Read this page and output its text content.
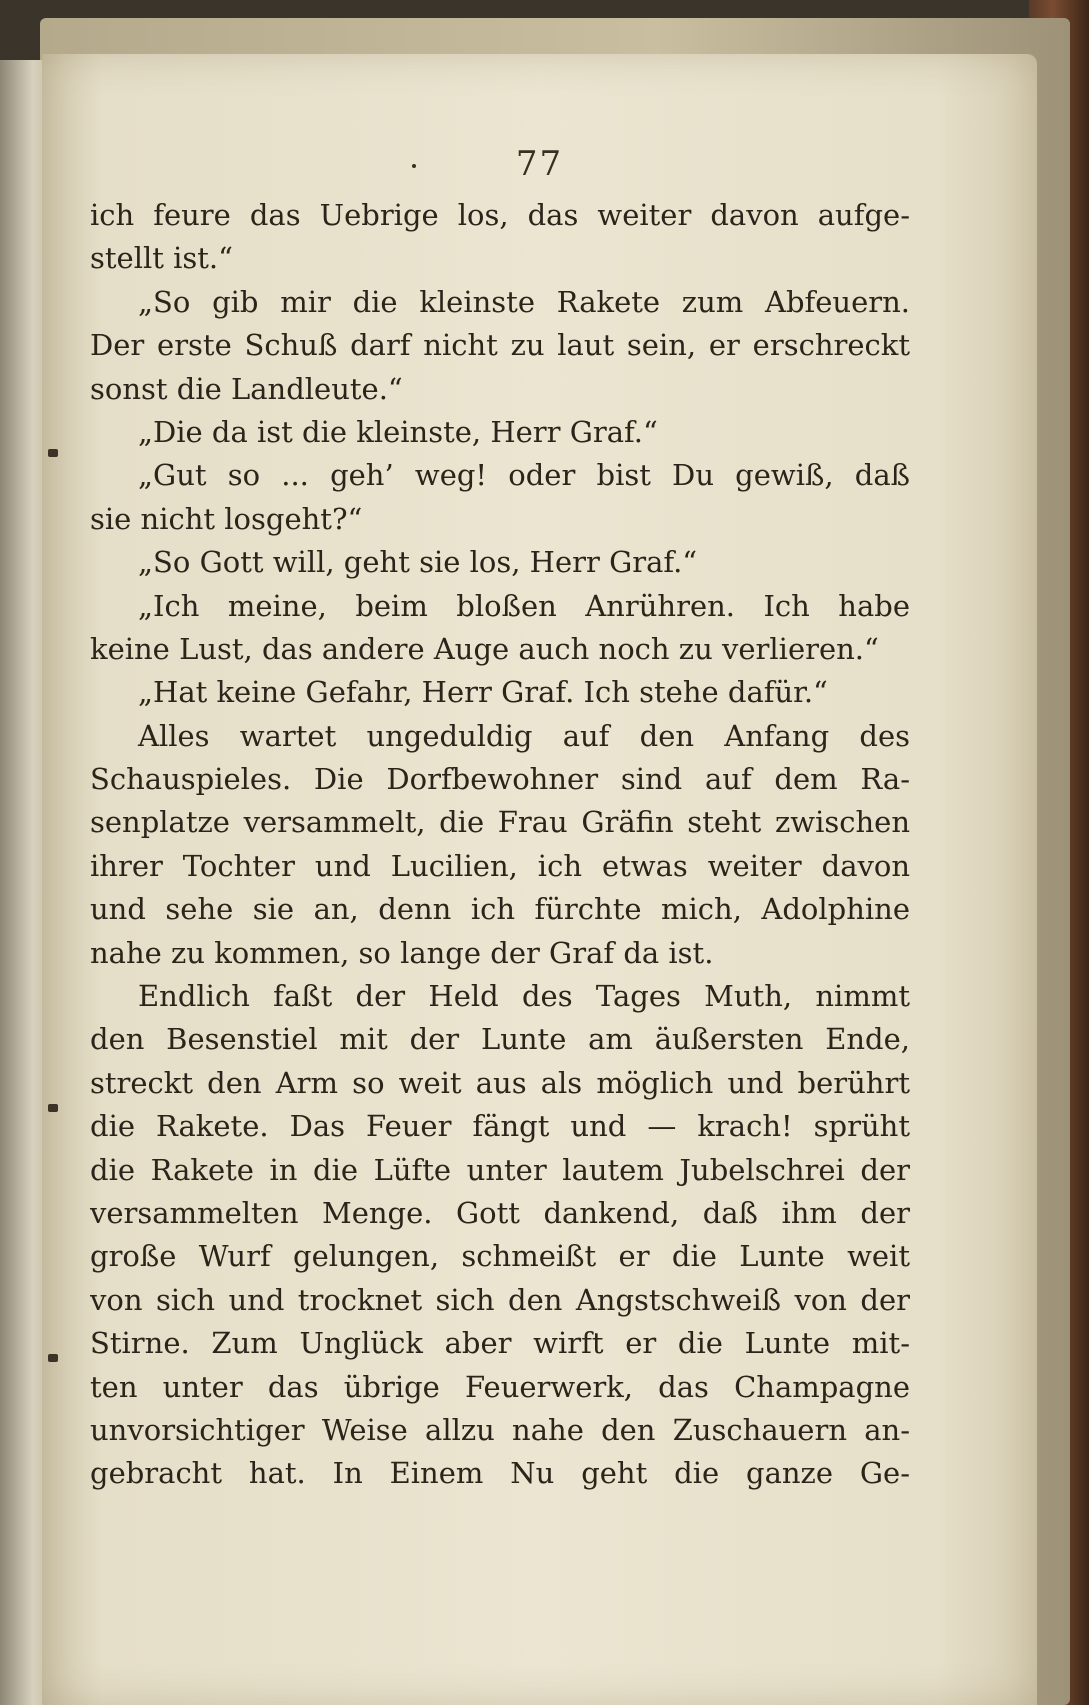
77
ich feure das Uebrige los, das weiter davon aufge-
stellt ist.“
„So gib mir die kleinste Rakete zum Abfeuern.
Der erste Schuß darf nicht zu laut sein, er erschreckt
sonst die Landleute.“
„Die da ist die kleinste, Herr Graf.“
„Gut so ... geh’ weg! oder bist Du gewiß, daß
sie nicht losgeht?“
„So Gott will, geht sie los, Herr Graf.“
„Ich meine, beim bloßen Anrühren. Ich habe
keine Lust, das andere Auge auch noch zu verlieren.“
„Hat keine Gefahr, Herr Graf. Ich stehe dafür.“
Alles wartet ungeduldig auf den Anfang des
Schauspieles. Die Dorfbewohner sind auf dem Ra-
senplatze versammelt, die Frau Gräfin steht zwischen
ihrer Tochter und Lucilien, ich etwas weiter davon
und sehe sie an, denn ich fürchte mich, Adolphine
nahe zu kommen, so lange der Graf da ist.
Endlich faßt der Held des Tages Muth, nimmt
den Besenstiel mit der Lunte am äußersten Ende,
streckt den Arm so weit aus als möglich und berührt
die Rakete. Das Feuer fängt und — krach! sprüht
die Rakete in die Lüfte unter lautem Jubelschrei der
versammelten Menge. Gott dankend, daß ihm der
große Wurf gelungen, schmeißt er die Lunte weit
von sich und trocknet sich den Angstschweiß von der
Stirne. Zum Unglück aber wirft er die Lunte mit-
ten unter das übrige Feuerwerk, das Champagne
unvorsichtiger Weise allzu nahe den Zuschauern an-
gebracht hat. In Einem Nu geht die ganze Ge-
